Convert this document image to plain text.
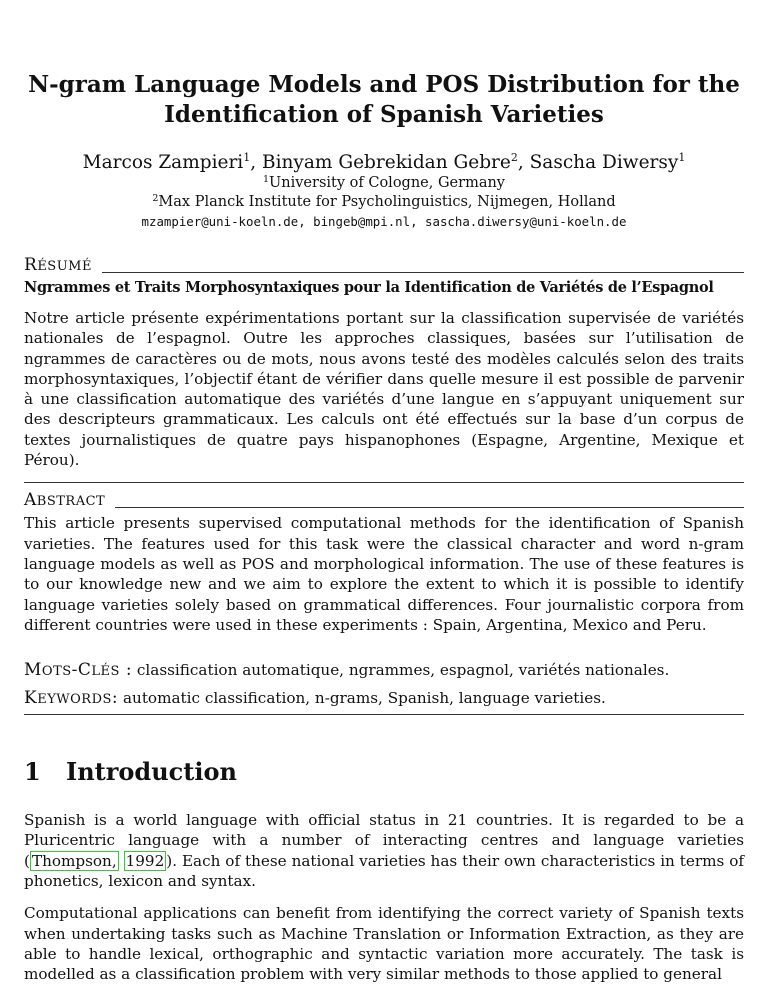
N-gram Language Models and POS Distribution for the
Identification of Spanish Varieties
Marcos Zampieri$^1$, Binyam Gebrekidan Gebre$^2$, Sascha Diwersy$^1$
$^1$University of Cologne, Germany
$^2$Max Planck Institute for Psycholinguistics, Nijmegen, Holland
mzampier@uni-koeln.de, bingeb@mpi.nl, sascha.diwersy@uni-koeln.de
RÉSUMÉ
Ngrammes et Traits Morphosyntaxiques pour la Identification de Variétés de l’Espagnol
Notre article présente expérimentations portant sur la classification supervisée de variétés nationales de l’espagnol. Outre les approches classiques, basées sur l’utilisation de ngrammes de caractères ou de mots, nous avons testé des modèles calculés selon des traits morphosyntaxiques, l’objectif étant de vérifier dans quelle mesure il est possible de parvenir à une classification automatique des variétés d’une langue en s’appuyant uniquement sur des descripteurs grammaticaux. Les calculs ont été effectués sur la base d’un corpus de textes journalistiques de quatre pays hispanophones (Espagne, Argentine, Mexique et Pérou).
ABSTRACT
This article presents supervised computational methods for the identification of Spanish varieties. The features used for this task were the classical character and word n-gram language models as well as POS and morphological information. The use of these features is to our knowledge new and we aim to explore the extent to which it is possible to identify language varieties solely based on grammatical differences. Four journalistic corpora from different countries were used in these experiments : Spain, Argentina, Mexico and Peru.
MOTS-CLÉS : classification automatique, ngrammes, espagnol, variétés nationales.
KEYWORDS: automatic classification, n-grams, Spanish, language varieties.
1	Introduction
Spanish is a world language with official status in 21 countries. It is regarded to be a Pluricentric language with a number of interacting centres and language varieties ( Thompson, 1992 ). Each of these national varieties has their own characteristics in terms of phonetics, lexicon and syntax.
Computational applications can benefit from identifying the correct variety of Spanish texts when undertaking tasks such as Machine Translation or Information Extraction, as they are able to handle lexical, orthographic and syntactic variation more accurately. The task is modelled as a classification problem with very similar methods to those applied to general
